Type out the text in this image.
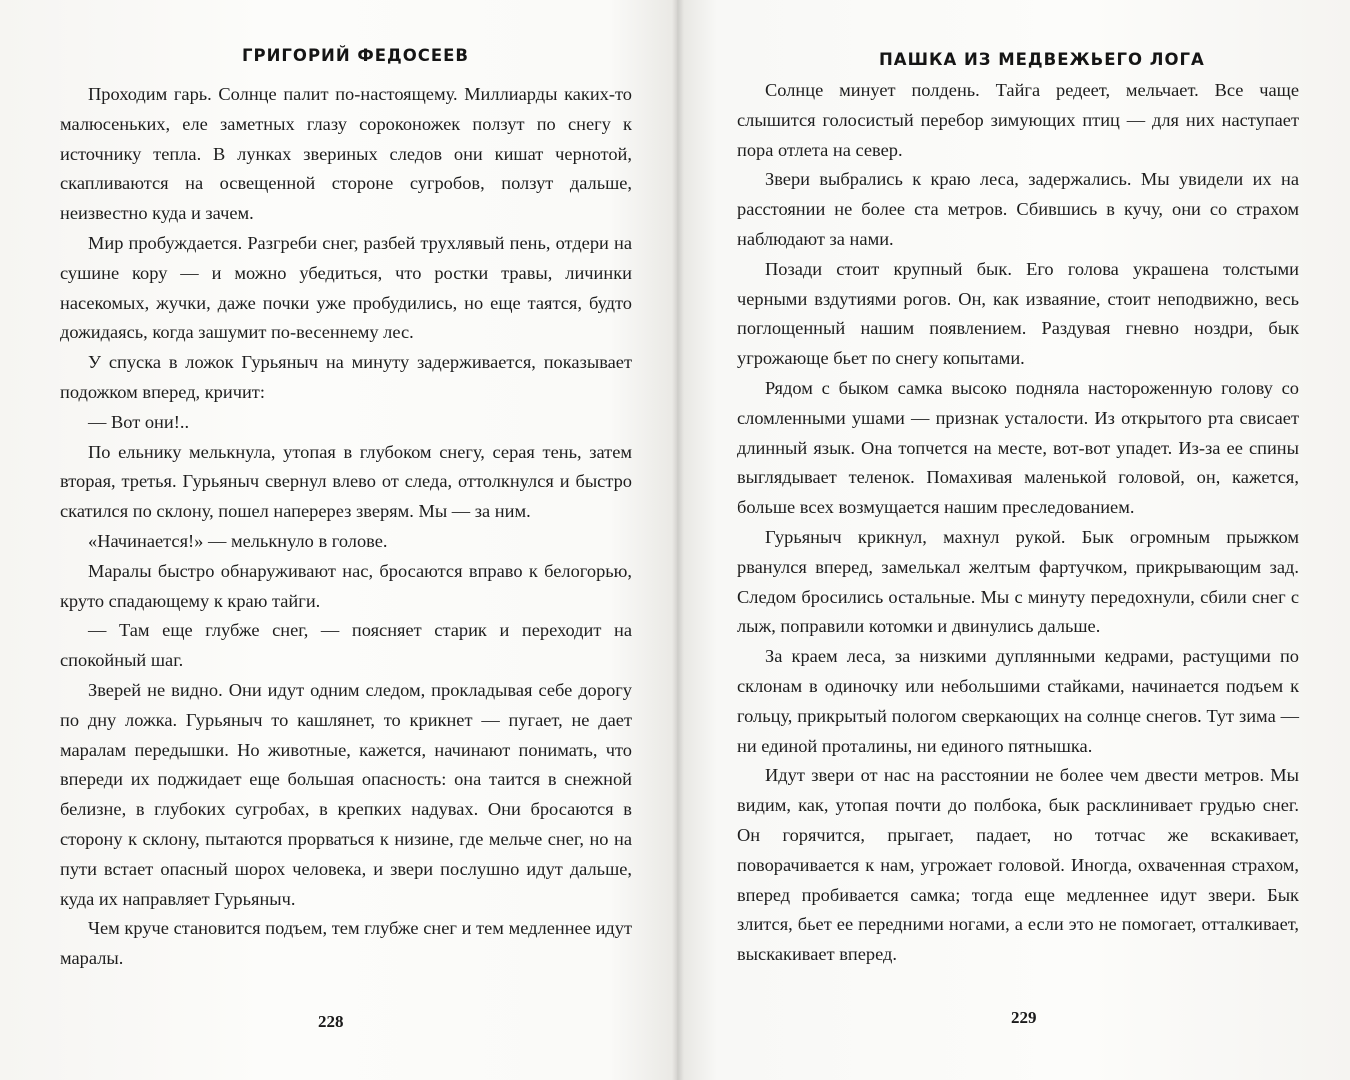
ГРИГОРИЙ ФЕДОСЕЕВ

Проходим гарь. Солнце палит по-настоящему. Миллиарды каких-то малюсеньких, еле заметных глазу сороконожек ползут по снегу к источнику тепла. В лунках звериных следов они кишат чернотой, скапливаются на освещенной стороне сугробов, ползут дальше, неизвестно куда и зачем.

Мир пробуждается. Разгреби снег, разбей трухлявый пень, отдери на сушине кору — и можно убедиться, что ростки травы, личинки насекомых, жучки, даже почки уже пробудились, но еще таятся, будто дожидаясь, когда зашумит по-весеннему лес.

У спуска в ложок Гурьяныч на минуту задерживается, показывает подожком вперед, кричит:

— Вот они!..

По ельнику мелькнула, утопая в глубоком снегу, серая тень, затем вторая, третья. Гурьяныч свернул влево от следа, оттолкнулся и быстро скатился по склону, пошел наперерез зверям. Мы — за ним.

«Начинается!» — мелькнуло в голове.

Маралы быстро обнаруживают нас, бросаются вправо к белогорью, круто спадающему к краю тайги.

— Там еще глубже снег, — поясняет старик и переходит на спокойный шаг.

Зверей не видно. Они идут одним следом, прокладывая себе дорогу по дну ложка. Гурьяныч то кашлянет, то крикнет — пугает, не дает маралам передышки. Но животные, кажется, начинают понимать, что впереди их поджидает еще большая опасность: она таится в снежной белизне, в глубоких сугробах, в крепких надувах. Они бросаются в сторону к склону, пытаются прорваться к низине, где мельче снег, но на пути встает опасный шорох человека, и звери послушно идут дальше, куда их направляет Гурьяныч.

Чем круче становится подъем, тем глубже снег и тем медленнее идут маралы.

228
ПАШКА ИЗ МЕДВЕЖЬЕГО ЛОГА

Солнце минует полдень. Тайга редеет, мельчает. Все чаще слышится голосистый перебор зимующих птиц — для них наступает пора отлета на север.

Звери выбрались к краю леса, задержались. Мы увидели их на расстоянии не более ста метров. Сбившись в кучу, они со страхом наблюдают за нами.

Позади стоит крупный бык. Его голова украшена толстыми черными вздутиями рогов. Он, как изваяние, стоит неподвижно, весь поглощенный нашим появлением. Раздувая гневно ноздри, бык угрожающе бьет по снегу копытами.

Рядом с быком самка высоко подняла настороженную голову со сломленными ушами — признак усталости. Из открытого рта свисает длинный язык. Она топчется на месте, вот-вот упадет. Из-за ее спины выглядывает теленок. Помахивая маленькой головой, он, кажется, больше всех возмущается нашим преследованием.

Гурьяныч крикнул, махнул рукой. Бык огромным прыжком рванулся вперед, замелькал желтым фартучком, прикрывающим зад. Следом бросились остальные. Мы с минуту передохнули, сбили снег с лыж, поправили котомки и двинулись дальше.

За краем леса, за низкими дуплянными кедрами, растущими по склонам в одиночку или небольшими стайками, начинается подъем к гольцу, прикрытый пологом сверкающих на солнце снегов. Тут зима — ни единой проталины, ни единого пятнышка.

Идут звери от нас на расстоянии не более чем двести метров. Мы видим, как, утопая почти до полбока, бык расклинивает грудью снег. Он горячится, прыгает, падает, но тотчас же вскакивает, поворачивается к нам, угрожает головой. Иногда, охваченная страхом, вперед пробивается самка; тогда еще медленнее идут звери. Бык злится, бьет ее передними ногами, а если это не помогает, отталкивает, выскакивает вперед.

229
